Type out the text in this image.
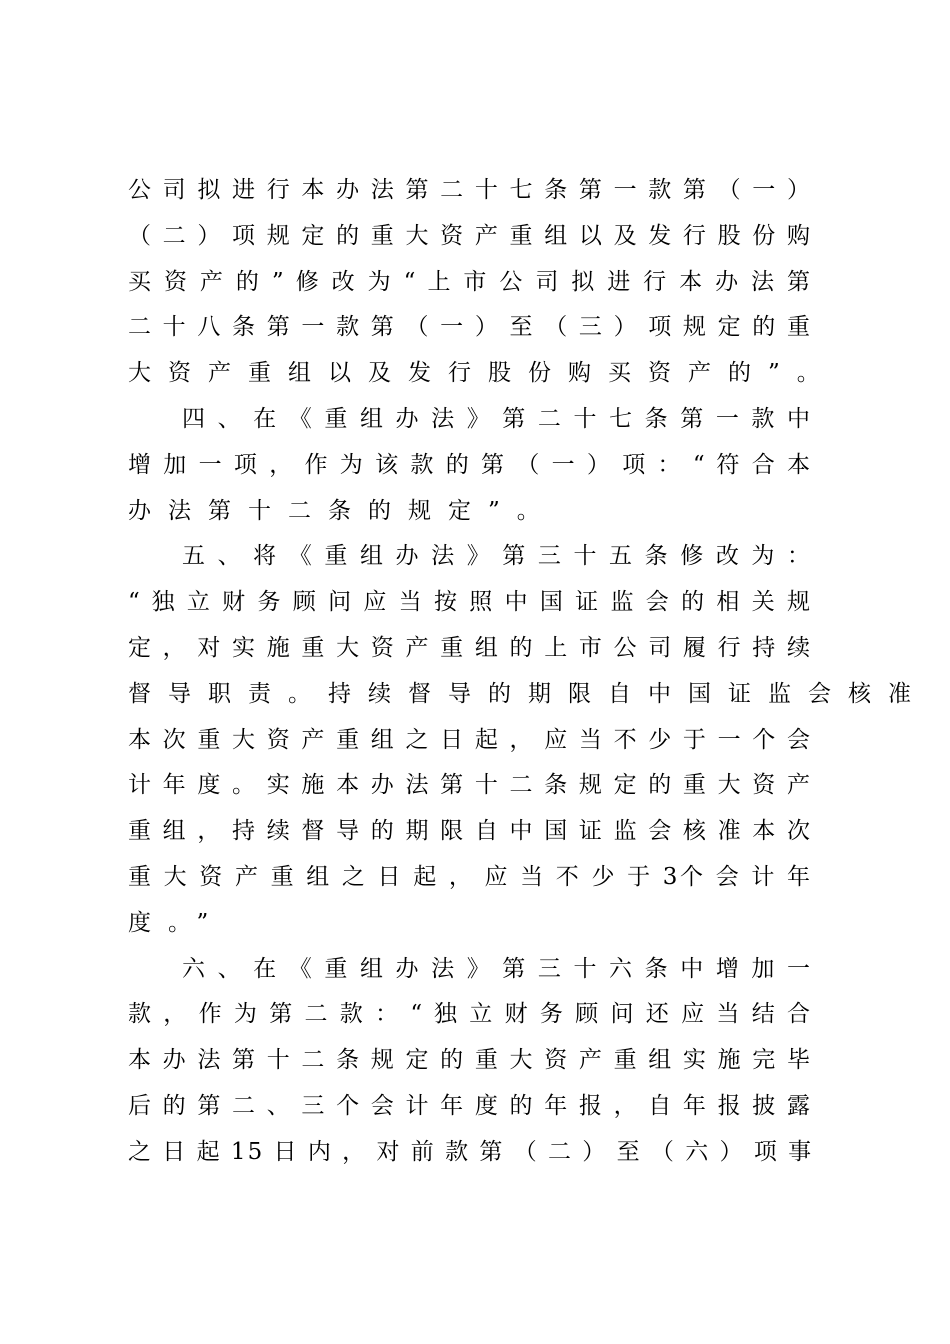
公 司 拟 进 行 本 办 法 第 二 十 七 条 第 一 款 第 （ 一 ）
（ 二 ） 项 规 定 的 重 大 资 产 重 组 以 及 发 行 股 份 购
买 资 产 的 ” 修 改 为 “ 上 市 公 司 拟 进 行 本 办 法 第
二 十 八 条 第 一 款 第 （ 一 ） 至 （ 三 ） 项 规 定 的 重
大资产重组以及发行股份购买资产的”。
四 、 在 《 重 组 办 法 》 第 二 十 七 条 第 一 款 中
增 加 一 项 ， 作 为 该 款 的 第 （ 一 ） 项 ： “ 符 合 本
办法第十二条的规定”。
五 、 将 《 重 组 办 法 》 第 三 十 五 条 修 改 为 ：
“ 独 立 财 务 顾 问 应 当 按 照 中 国 证 监 会 的 相 关 规
定 ， 对 实 施 重 大 资 产 重 组 的 上 市 公 司 履 行 持 续
督导职责。持续督导的期限自中国证监会核准
本 次 重 大 资 产 重 组 之 日 起 ， 应 当 不 少 于 一 个 会
计 年 度 。 实 施 本 办 法 第 十 二 条 规 定 的 重 大 资 产
重 组 ， 持 续 督 导 的 期 限 自 中 国 证 监 会 核 准 本 次
重 大 资 产 重 组 之 日 起 ， 应 当 不 少 于 3个 会 计 年
度。”
六 、 在 《 重 组 办 法 》 第 三 十 六 条 中 增 加 一
款 ， 作 为 第 二 款 ： “ 独 立 财 务 顾 问 还 应 当 结 合
本 办 法 第 十 二 条 规 定 的 重 大 资 产 重 组 实 施 完 毕
后 的 第 二 、 三 个 会 计 年 度 的 年 报 ， 自 年 报 披 露
之 日 起 15 日 内 ， 对 前 款 第 （ 二 ） 至 （ 六 ） 项 事
